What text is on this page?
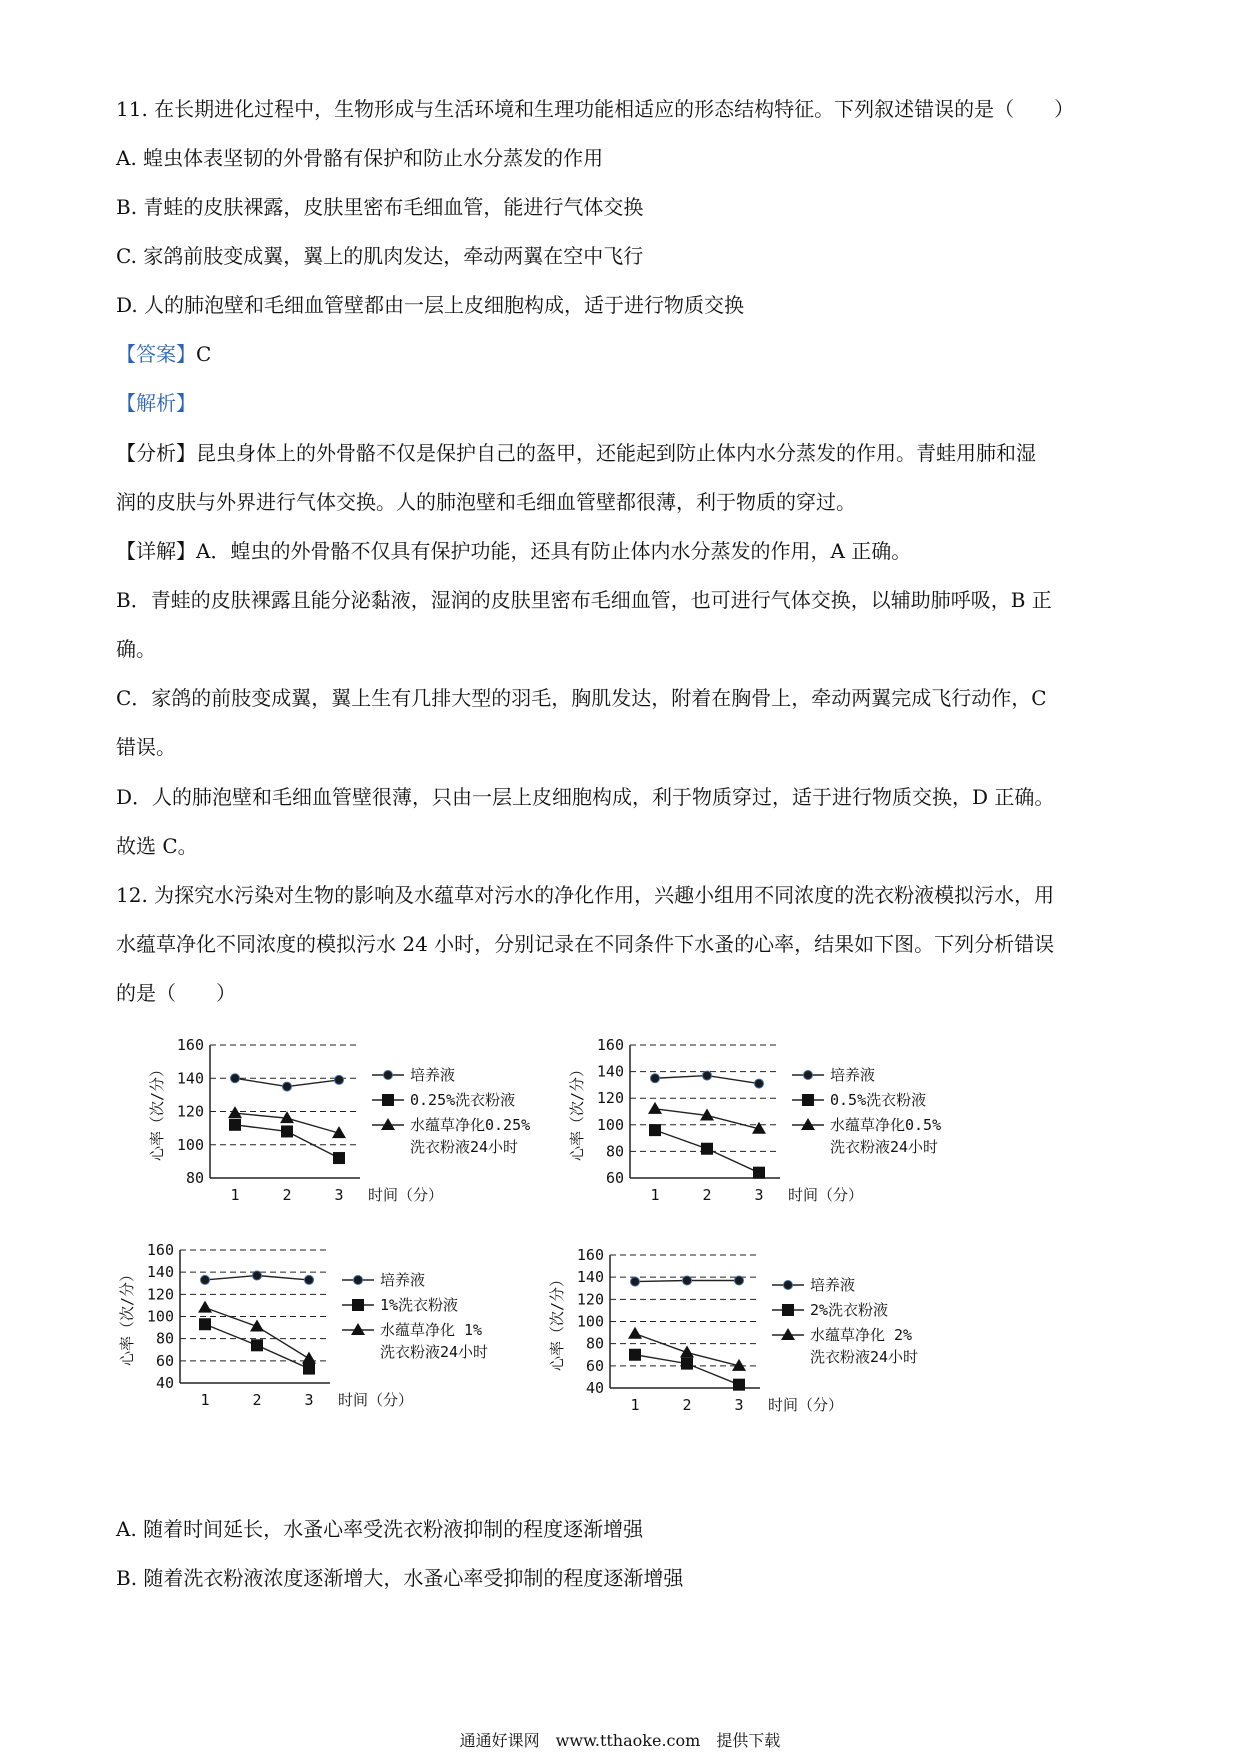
11. 在长期进化过程中，生物形成与生活环境和生理功能相适应的形态结构特征。下列叙述错误的是（　　）
A. 蝗虫体表坚韧的外骨骼有保护和防止水分蒸发的作用
B. 青蛙的皮肤裸露，皮肤里密布毛细血管，能进行气体交换
C. 家鸽前肢变成翼，翼上的肌肉发达，牵动两翼在空中飞行
D. 人的肺泡壁和毛细血管壁都由一层上皮细胞构成，适于进行物质交换
【答案】C
【解析】
【分析】昆虫身体上的外骨骼不仅是保护自己的盔甲，还能起到防止体内水分蒸发的作用。青蛙用肺和湿
润的皮肤与外界进行气体交换。人的肺泡壁和毛细血管壁都很薄，利于物质的穿过。
【详解】A．蝗虫的外骨骼不仅具有保护功能，还具有防止体内水分蒸发的作用，A 正确。
B．青蛙的皮肤裸露且能分泌黏液，湿润的皮肤里密布毛细血管，也可进行气体交换，以辅助肺呼吸，B 正
确。
C．家鸽的前肢变成翼，翼上生有几排大型的羽毛，胸肌发达，附着在胸骨上，牵动两翼完成飞行动作，C
错误。
D．人的肺泡壁和毛细血管壁很薄，只由一层上皮细胞构成，利于物质穿过，适于进行物质交换，D 正确。
故选 C。
12. 为探究水污染对生物的影响及水蕴草对污水的净化作用，兴趣小组用不同浓度的洗衣粉液模拟污水，用
水蕴草净化不同浓度的模拟污水 24 小时，分别记录在不同条件下水蚤的心率，结果如下图。下列分析错误
的是（　　）
80
100
120
140
160
1	2	3 时间（分）
心率（次/分）	培养液
0.25%洗衣粉液
水蕴草净化0.25%
洗衣粉液24小时
60
80
100
120
140
160
1	2	3 时间（分）
心率（次/分）	培养液
0.5%洗衣粉液
水蕴草净化0.5%
洗衣粉液24小时
40
60
80
100
120
140
160
1	2	3 时间（分）
心率（次/分）	培养液
1%洗衣粉液
水蕴草净化 1%
洗衣粉液24小时
40
60
80
100
120
140
160
1	2	3 时间（分）
心率（次/分）	培养液
2%洗衣粉液
水蕴草净化 2%
洗衣粉液24小时
A. 随着时间延长，水蚤心率受洗衣粉液抑制的程度逐渐增强
B. 随着洗衣粉液浓度逐渐增大，水蚤心率受抑制的程度逐渐增强
通通好课网　www.tthaoke.com　提供下载
